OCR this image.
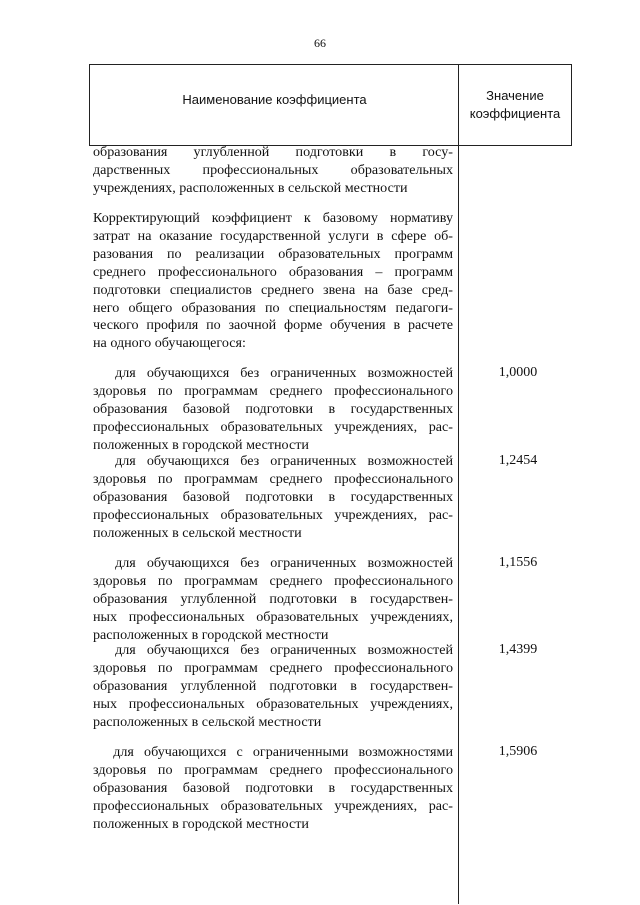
66
Наименование коэффициента	Значение
коэффициента
образования углубленной подготовки в госу-
дарственных профессиональных образовательных
учреждениях, расположенных в сельской местности
Корректирующий коэффициент к базовому нормативу
затрат на оказание государственной услуги в сфере об-
разования по реализации образовательных программ
среднего профессионального образования – программ
подготовки специалистов среднего звена на базе сред-
него общего образования по специальностям педагоги-
ческого профиля по заочной форме обучения в расчете
на одного обучающегося:
для обучающихся без ограниченных возможностей
здоровья по программам среднего профессионального
образования базовой подготовки в государственных
профессиональных образовательных учреждениях, рас-
положенных в городской местности
1,0000
для обучающихся без ограниченных возможностей
здоровья по программам среднего профессионального
образования базовой подготовки в государственных
профессиональных образовательных учреждениях, рас-
положенных в сельской местности
1,2454
для обучающихся без ограниченных возможностей
здоровья по программам среднего профессионального
образования углубленной подготовки в государствен-
ных профессиональных образовательных учреждениях,
расположенных в городской местности
1,1556
для обучающихся без ограниченных возможностей
здоровья по программам среднего профессионального
образования углубленной подготовки в государствен-
ных профессиональных образовательных учреждениях,
расположенных в сельской местности
1,4399
для обучающихся с ограниченными возможностями
здоровья по программам среднего профессионального
образования базовой подготовки в государственных
профессиональных образовательных учреждениях, рас-
положенных в городской местности
1,5906
